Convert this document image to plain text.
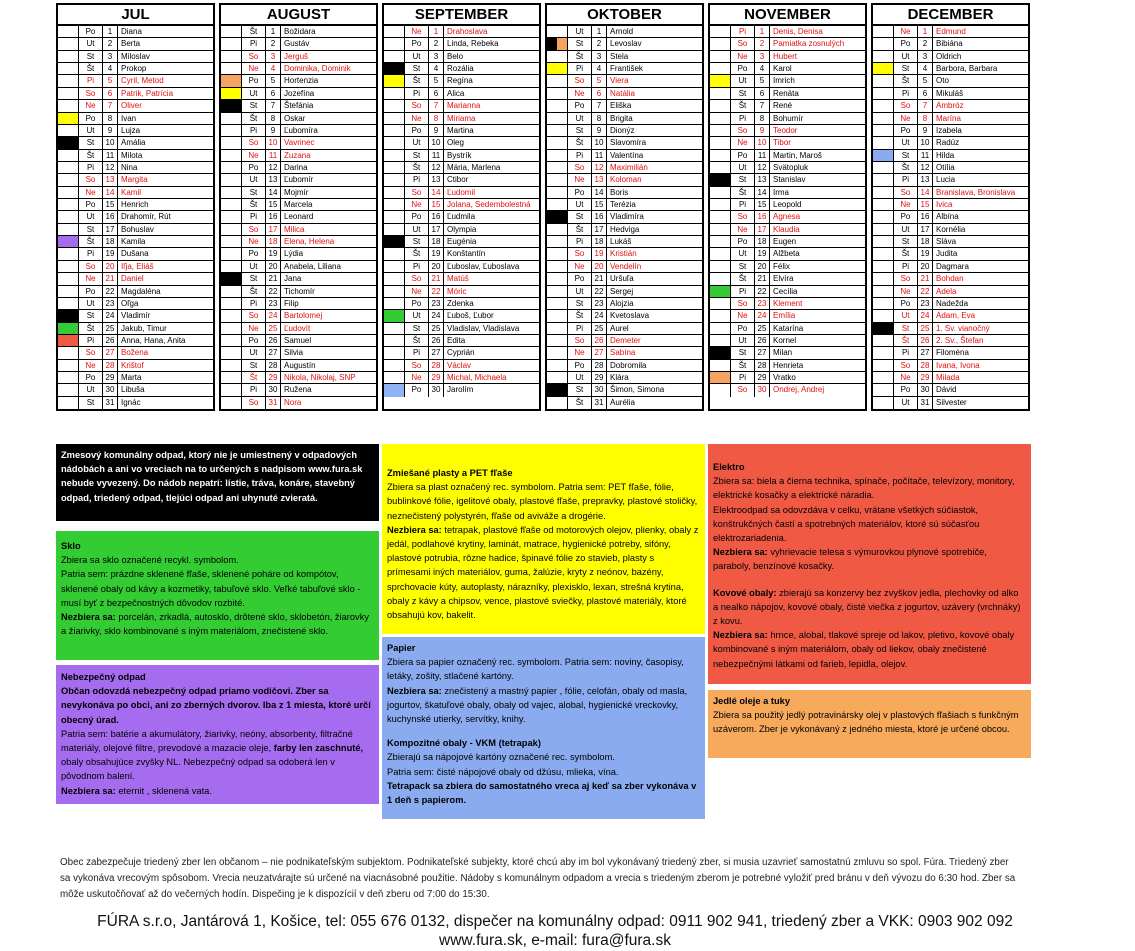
JUL
Po	1	Diana
Ut	2	Berta
St	3	Miloslav
Št	4	Prokop
Pi	5	Cyril, Metod
So	6	Patrik, Patrícia
Ne	7	Oliver
Po	8	Ivan
Ut	9	Lujza
St	10 Amália
Št	11 Milota
Pi	12 Nina
So	13 Margita
Ne	14 Kamil
Po	15 Henrich
Ut	16 Drahomír, Rút
St	17 Bohuslav
Št	18 Kamila
Pi	19 Dušana
So	20 Iľja, Eliáš
Ne	21 Daniel
Po	22 Magdaléna
Ut	23 Oľga
St	24 Vladimír
Št	25 Jakub, Timur
Pi	26 Anna, Hana, Anita
So	27 Božena
Ne	28 Krištof
Po	29 Marta
Ut	30 Libuša
St	31 Ignác
AUGUST
Št	1	Božidara
Pi	2	Gustáv
So	3	Jerguš
Ne	4	Dominika, Dominik
Po	5	Hortenzia
Ut	6	Jozefína
St	7	Štefánia
Št	8	Oskar
Pi	9	Ľubomíra
So	10 Vavrinec
Ne	11 Zuzana
Po	12 Darina
Ut	13 Ľubomír
St	14 Mojmír
Št	15 Marcela
Pi	16 Leonard
So	17 Milica
Ne	18 Elena, Helena
Po	19 Lýdia
Ut	20 Anabela, Liliana
St	21 Jana
Št	22 Tichomír
Pi	23 Filip
So	24 Bartolomej
Ne	25 Ľudovít
Po	26 Samuel
Ut	27 Silvia
St	28 Augustín
Št	29 Nikola, Nikolaj, SNP
Pi	30 Ružena
So	31 Nora
SEPTEMBER
Ne	1	Drahoslava
Po	2	Linda, Rebeka
Ut	3	Belo
St	4	Rozália
Št	5	Regína
Pi	6	Alica
So	7	Marianna
Ne	8	Miriama
Po	9	Martina
Ut	10 Oleg
St	11 Bystrík
Št	12 Mária, Marlena
Pi	13 Ctibor
So	14 Ľudomil
Ne	15 Jolana, Sedembolestná
Po	16 Ľudmila
Ut	17 Olympia
St	18 Eugénia
Št	19 Konštantín
Pi	20 Ľuboslav, Ľuboslava
So	21 Matúš
Ne	22 Móric
Po	23 Zdenka
Ut	24 Ľuboš, Ľubor
St	25 Vladislav, Vladislava
Št	26 Edita
Pi	27 Cyprián
So	28 Václav
Ne	29 Michal, Michaela
Po	30 Jarolím
OKTOBER
Ut	1	Arnold
St	2	Levoslav
Št	3	Stela
Pi	4	František
So	5	Viera
Ne	6	Natália
Po	7	Eliška
Ut	8	Brigita
St	9	Dionýz
Št	10 Slavomíra
Pi	11 Valentína
So	12 Maximilián
Ne	13 Koloman
Po	14 Boris
Ut	15 Terézia
St	16 Vladimíra
Št	17 Hedviga
Pi	18 Lukáš
So	19 Kristián
Ne	20 Vendelín
Po	21 Uršuľa
Ut	22 Sergej
St	23 Alojzia
Št	24 Kvetoslava
Pi	25 Aurel
So	26 Demeter
Ne	27 Sabína
Po	28 Dobromila
Ut	29 Klára
St	30 Šimon, Simona
Št	31 Aurélia
NOVEMBER
Pi	1	Denis, Denisa
So	2	Pamiatka zosnulých
Ne	3	Hubert
Po	4	Karol
Ut	5	Imrich
St	6	Renáta
Št	7	René
Pi	8	Bohumír
So	9	Teodor
Ne	10 Tibor
Po	11 Martin, Maroš
Ut	12 Svätopluk
St	13 Stanislav
Št	14 Irma
Pi	15 Leopold
So	16 Agnesa
Ne	17 Klaudia
Po	18 Eugen
Ut	19 Alžbeta
St	20 Félix
Št	21 Elvíra
Pi	22 Cecília
So	23 Klement
Ne	24 Emília
Po	25 Katarína
Ut	26 Kornel
St	27 Milan
Št	28 Henrieta
Pi	29 Vratko
So	30 Ondrej, Andrej
DECEMBER
Ne	1	Edmund
Po	2	Bibiána
Ut	3	Oldrich
St	4	Barbora, Barbara
Št	5	Oto
Pi	6	Mikuláš
So	7	Ambróz
Ne	8	Marína
Po	9	Izabela
Ut	10 Radúz
St	11 Hilda
Št	12 Otília
Pi	13 Lucia
So	14 Branislava, Bronislava
Ne	15 Ivica
Po	16 Albína
Ut	17 Kornélia
St	18 Sláva
Št	19 Judita
Pi	20 Dagmara
So	21 Bohdan
Ne	22 Adela
Po	23 Nadežda
Ut	24 Adam, Eva
St	25 1. Sv. vianočný
Št	26 2. Sv., Štefan
Pi	27 Filoména
So	28 Ivana, Ivona
Ne	29 Milada
Po	30 Dávid
Ut	31 Silvester
Zmesový komunálny odpad, ktorý nie je umiestnený v odpadových nádobách a ani vo vreciach na to určených s nadpisom www.fura.sk nebude vyvezený. Do nádob nepatrí: lístie, tráva, konáre, stavebný odpad, triedený odpad, tlejúci odpad ani uhynuté zvieratá.
Sklo
Zbiera sa sklo označené recykl. symbolom.
Patria sem: prázdne sklenené fľaše, sklenené poháre od kompótov, sklenené obaly od kávy a kozmetiky, tabuľové sklo. Veľké tabuľové sklo - musí byť z bezpečnostných dôvodov rozbité.
Nezbiera sa: porcelán, zrkadlá, autosklo, drôtené sklo, sklobetón, žiarovky a žiarivky, sklo kombinované s iným materiálom, znečistené sklo.
Nebezpečný odpad
Občan odovzdá nebezpečný odpad priamo vodičovi. Zber sa nevykonáva po obci, ani zo zberných dvorov. Iba z 1 miesta, ktoré určí obecný úrad.
Patria sem: batérie a akumulátory, žiarivky, neóny, absorbenty, filtračné materiály, olejové filtre, prevodové a mazacie oleje, farby len zaschnuté, obaly obsahujúce zvyšky NL. Nebezpečný odpad sa odoberá len v pôvodnom balení.
Nezbiera sa: eternit , sklenená vata.
Zmiešané plasty a PET fľaše
Zbiera sa plast označený rec. symbolom. Patria sem: PET fľaše, fólie, bublinkové fólie, igelitové obaly, plastové fľaše, prepravky, plastové stoličky, neznečistený polystyrén, fľaše od aviváže a drogérie.
Nezbiera sa: tetrapak, plastové fľaše od motorových olejov, plienky, obaly z jedál, podlahové krytiny, laminát, matrace, hygienické potreby, sifóny, plastové potrubia, rôzne hadice, špinavé fólie zo stavieb, plasty s prímesami iných materiálov, guma, žalúzie, kryty z neónov, bazény, sprchovacie kúty, autoplasty, nárazníky, plexisklo, lexan, strešná krytina, obaly z kávy a chipsov, vence, plastové sviečky, plastové materiály, ktoré obsahujú kov, bakelit.
Papier
Zbiera sa papier označený rec. symbolom. Patria sem: noviny, časopisy, letáky, zošity, stlačené kartóny.
Nezbiera sa: znečistený a mastný papier , fólie, celofán, obaly od masla, jogurtov, škatuľové obaly, obaly od vajec, alobal, hygienické vreckovky, kuchynské utierky, servítky, knihy.
Kompozitné obaly - VKM (tetrapak)
Zbierajú sa nápojové kartóny označené rec. symbolom.
Patria sem: čisté nápojové obaly od džúsu, mlieka, vína.
Tetrapack sa zbiera do samostatného vreca aj keď sa zber vykonáva v 1 deň s papierom.
Elektro
Zbiera sa: biela a čierna technika, spínače, počítače, televízory, monitory, elektrické kosačky a elektrické náradia.
Elektroodpad sa odovzdáva v celku, vrátane všetkých súčiastok, konštrukčných častí a spotrebných materiálov, ktoré sú súčasťou elektrozariadenia.
Nezbiera sa: vyhrievacie telesa s výmurovkou plynové spotrebiče, paraboly, benzínové kosačky.
Kovové obaly: zbierajú sa konzervy bez zvyškov jedla, plechovky od alko a nealko nápojov, kovové obaly, čisté viečka z jogurtov, uzávery (vrchnáky) z kovu.
Nezbiera sa: hrnce, alobal, tlakové spreje od lakov, pletivo, kovové obaly kombinované s iným materiálom, obaly od liekov, obaly znečistené nebezpečnými látkami od farieb, lepidla, olejov.
Jedlé oleje a tuky
Zbiera sa použitý jedlý potravinársky olej v plastových fľašiach s funkčným uzáverom. Zber je vykonávaný z jedného miesta, ktoré je určené obcou.
Obec zabezpečuje triedený zber len občanom – nie podnikateľským subjektom. Podnikateľské subjekty, ktoré chcú aby im bol vykonávaný triedený zber, si musia uzavrieť samostatnú zmluvu so spol. Fúra. Triedený zber sa vykonáva vrecovým spôsobom. Vrecia neuzatvárajte sú určené na viacnásobné použitie. Nádoby s komunálnym odpadom a vrecia s triedeným zberom je potrebné vyložiť pred bránu v deň vývozu do 6:30 hod. Zber sa môže uskutočňovať až do večerných hodín. Dispečing je k dispozícií v deň zberu od 7:00 do 15:30.
FÚRA s.r.o, Jantárová 1, Košice, tel: 055 676 0132, dispečer na komunálny odpad: 0911 902 941, triedený zber a VKK: 0903 902 092 www.fura.sk, e-mail: fura@fura.sk
